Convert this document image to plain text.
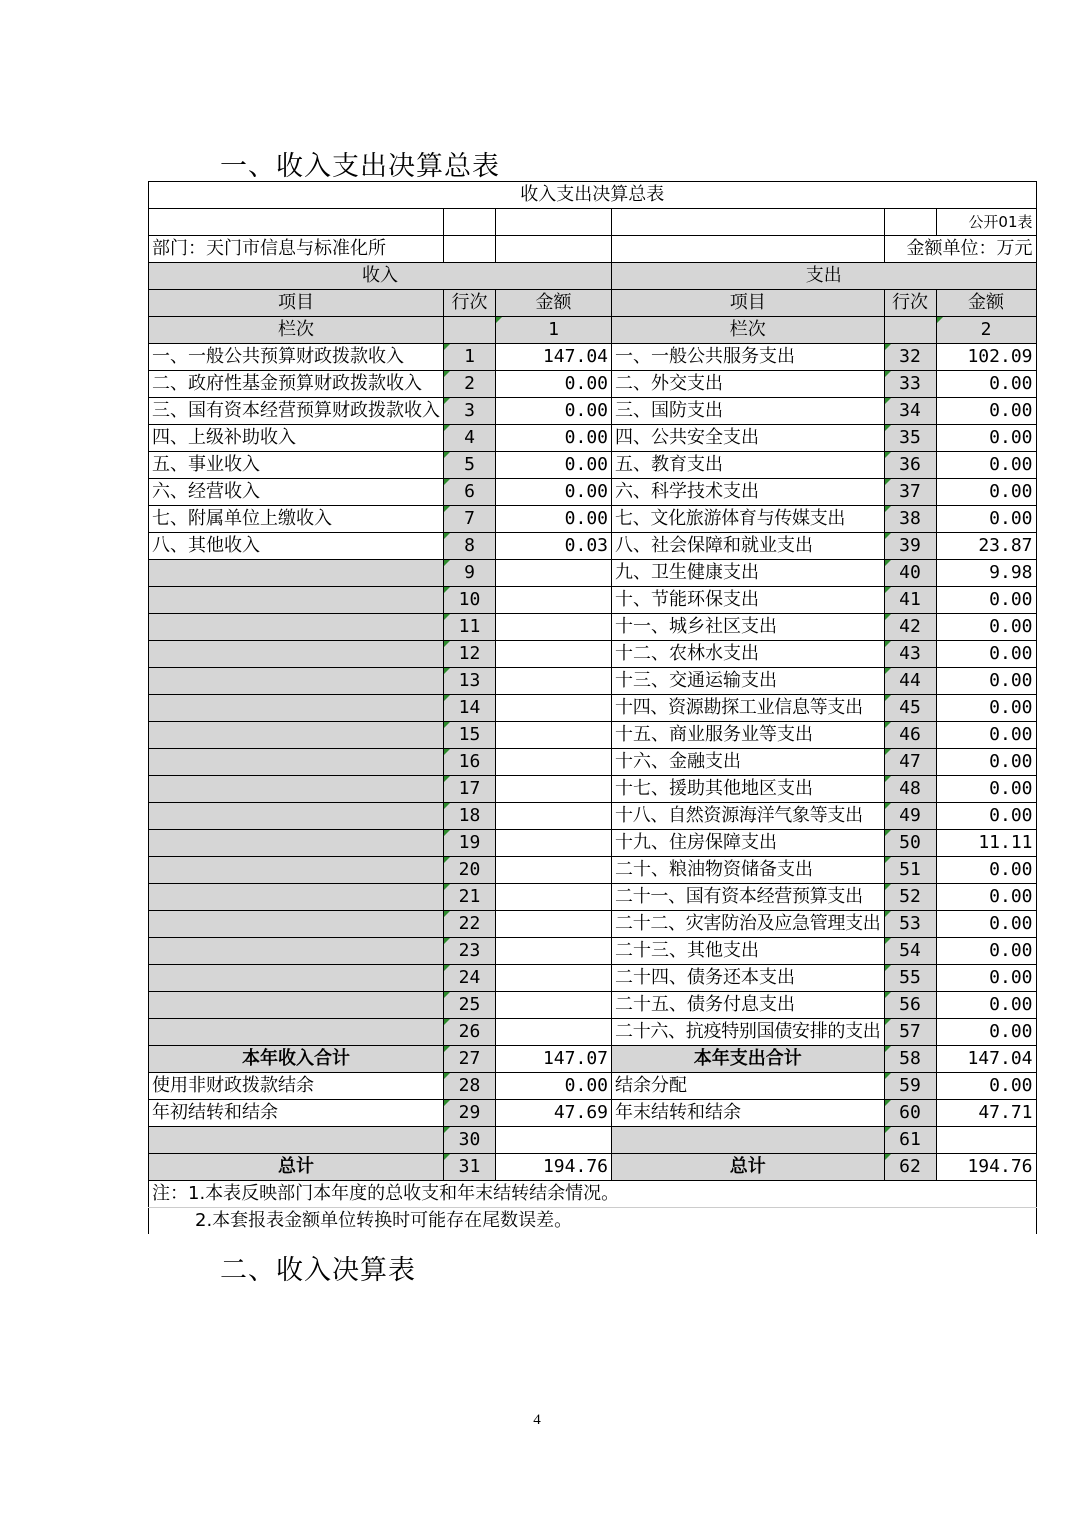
一、收入支出决算总表
收入支出决算总表					
					公开01表
部门：天门市信息与标准化所				金额单位：万元	
收入			支出		
项目	行次	金额	项目	行次	金额
栏次		1	栏次		2
一、一般公共预算财政拨款收入	1	147.04	一、一般公共服务支出	32	102.09
二、政府性基金预算财政拨款收入	2	0.00	二、外交支出	33	0.00
三、国有资本经营预算财政拨款收入	3	0.00	三、国防支出	34	0.00
四、上级补助收入	4	0.00	四、公共安全支出	35	0.00
五、事业收入	5	0.00	五、教育支出	36	0.00
六、经营收入	6	0.00	六、科学技术支出	37	0.00
七、附属单位上缴收入	7	0.00	七、文化旅游体育与传媒支出	38	0.00
八、其他收入	8	0.03	八、社会保障和就业支出	39	23.87
	9		九、卫生健康支出	40	9.98
	10		十、节能环保支出	41	0.00
	11		十一、城乡社区支出	42	0.00
	12		十二、农林水支出	43	0.00
	13		十三、交通运输支出	44	0.00
	14		十四、资源勘探工业信息等支出	45	0.00
	15		十五、商业服务业等支出	46	0.00
	16		十六、金融支出	47	0.00
	17		十七、援助其他地区支出	48	0.00
	18		十八、自然资源海洋气象等支出	49	0.00
	19		十九、住房保障支出	50	11.11
	20		二十、粮油物资储备支出	51	0.00
	21		二十一、国有资本经营预算支出	52	0.00
	22		二十二、灾害防治及应急管理支出	53	0.00
	23		二十三、其他支出	54	0.00
	24		二十四、债务还本支出	55	0.00
	25		二十五、债务付息支出	56	0.00
	26		二十六、抗疫特别国债安排的支出	57	0.00
本年收入合计	27	147.07	本年支出合计	58	147.04
使用非财政拨款结余	28	0.00	结余分配	59	0.00
年初结转和结余	29	47.69	年末结转和结余	60	47.71
	30			61	
总计	31	194.76	总计	62	194.76
注：1.本表反映部门本年度的总收支和年末结转结余情况。					
2.本套报表金额单位转换时可能存在尾数误差。					
二、收入决算表
4
